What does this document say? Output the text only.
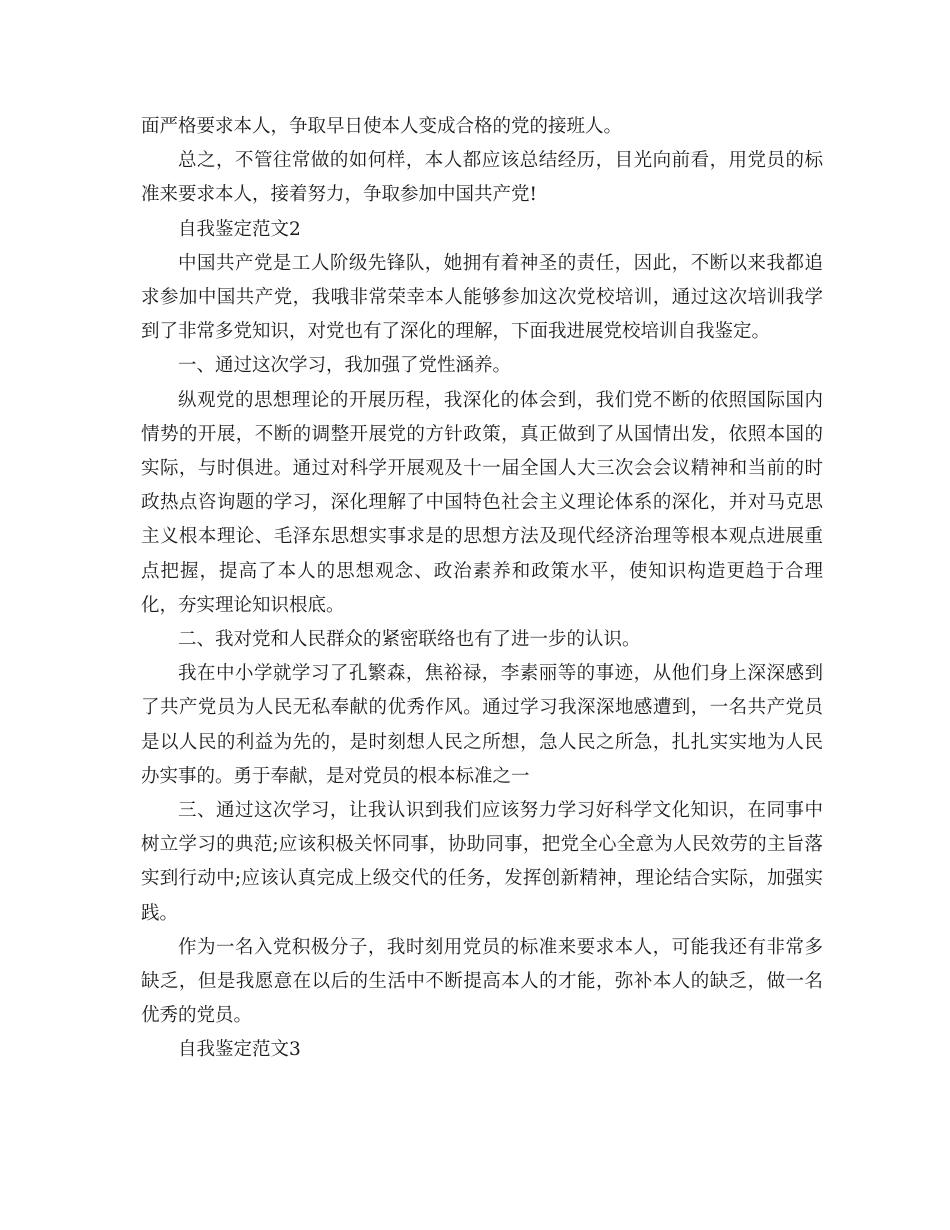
面严格要求本人，争取早日使本人变成合格的党的接班人。

总之，不管往常做的如何样，本人都应该总结经历，目光向前看，用党员的标准来要求本人，接着努力，争取参加中国共产党!

自我鉴定范文2

中国共产党是工人阶级先锋队，她拥有着神圣的责任，因此，不断以来我都追求参加中国共产党，我哦非常荣幸本人能够参加这次党校培训，通过这次培训我学到了非常多党知识，对党也有了深化的理解，下面我进展党校培训自我鉴定。

一、通过这次学习，我加强了党性涵养。

纵观党的思想理论的开展历程，我深化的体会到，我们党不断的依照国际国内情势的开展，不断的调整开展党的方针政策，真正做到了从国情出发，依照本国的实际，与时俱进。通过对科学开展观及十一届全国人大三次会会议精神和当前的时政热点咨询题的学习，深化理解了中国特色社会主义理论体系的深化，并对马克思主义根本理论、毛泽东思想实事求是的思想方法及现代经济治理等根本观点进展重点把握，提高了本人的思想观念、政治素养和政策水平，使知识构造更趋于合理化，夯实理论知识根底。

二、我对党和人民群众的紧密联络也有了进一步的认识。

我在中小学就学习了孔繁森，焦裕禄，李素丽等的事迹，从他们身上深深感到了共产党员为人民无私奉献的优秀作风。通过学习我深深地感遭到，一名共产党员是以人民的利益为先的，是时刻想人民之所想，急人民之所急，扎扎实实地为人民办实事的。勇于奉献，是对党员的根本标准之一

三、通过这次学习，让我认识到我们应该努力学习好科学文化知识，在同事中树立学习的典范;应该积极关怀同事，协助同事，把党全心全意为人民效劳的主旨落实到行动中;应该认真完成上级交代的任务，发挥创新精神，理论结合实际，加强实践。

作为一名入党积极分子，我时刻用党员的标准来要求本人，可能我还有非常多缺乏，但是我愿意在以后的生活中不断提高本人的才能，弥补本人的缺乏，做一名优秀的党员。

自我鉴定范文3
